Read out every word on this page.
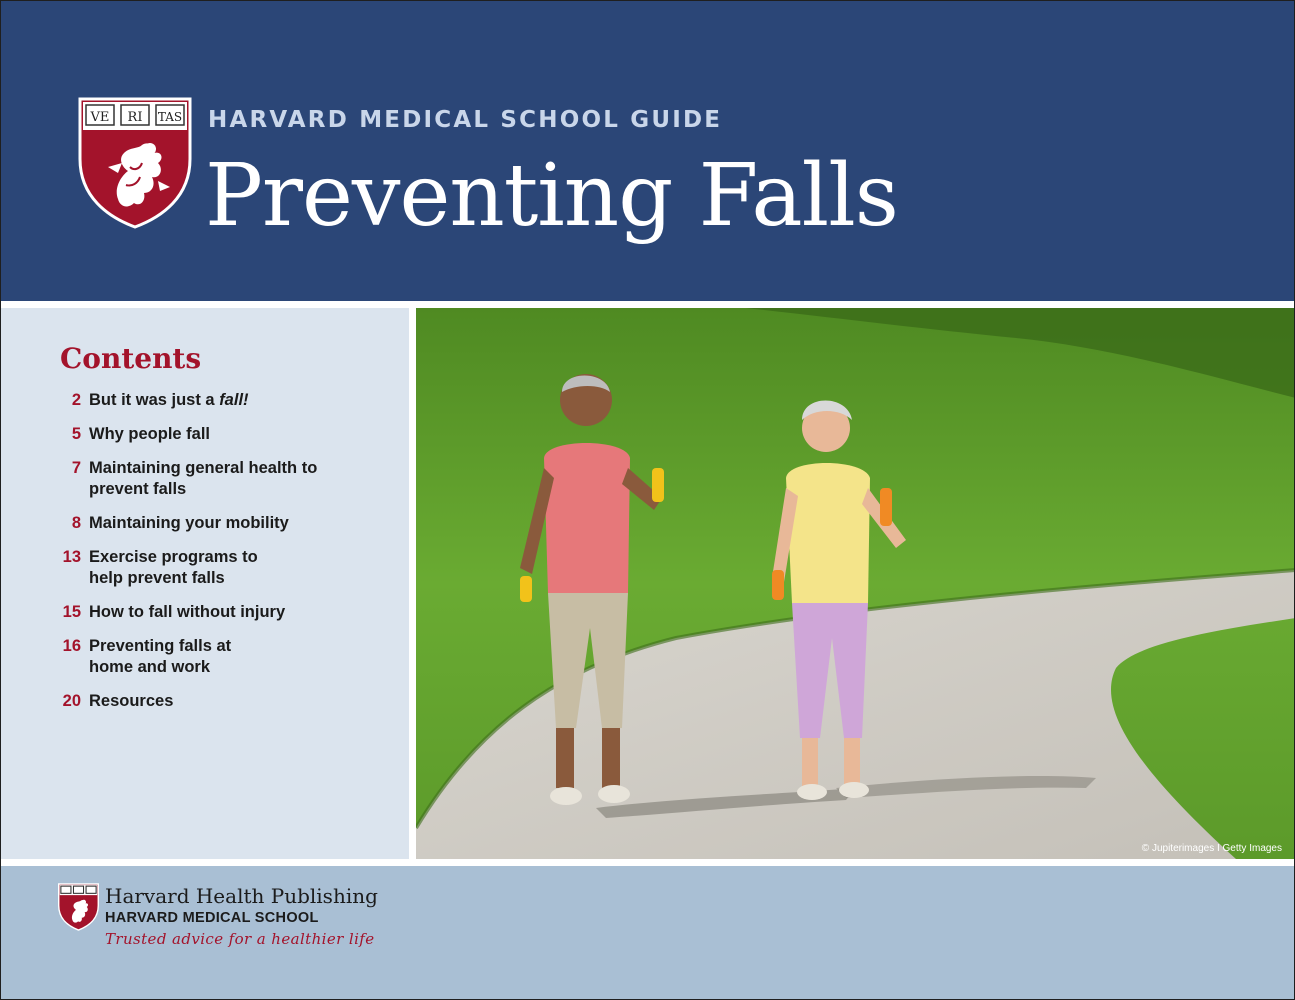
VE RI TAS HARVARD MEDICAL SCHOOL GUIDE
Preventing Falls
Contents
2 But it was just a fall!
5 Why people fall
7 Maintaining general health to prevent falls
8 Maintaining your mobility
13 Exercise programs to help prevent falls
15 How to fall without injury
16 Preventing falls at home and work
20 Resources
© Jupiterimages I Getty Images
Harvard Health Publishing
HARVARD MEDICAL SCHOOL
Trusted advice for a healthier life
